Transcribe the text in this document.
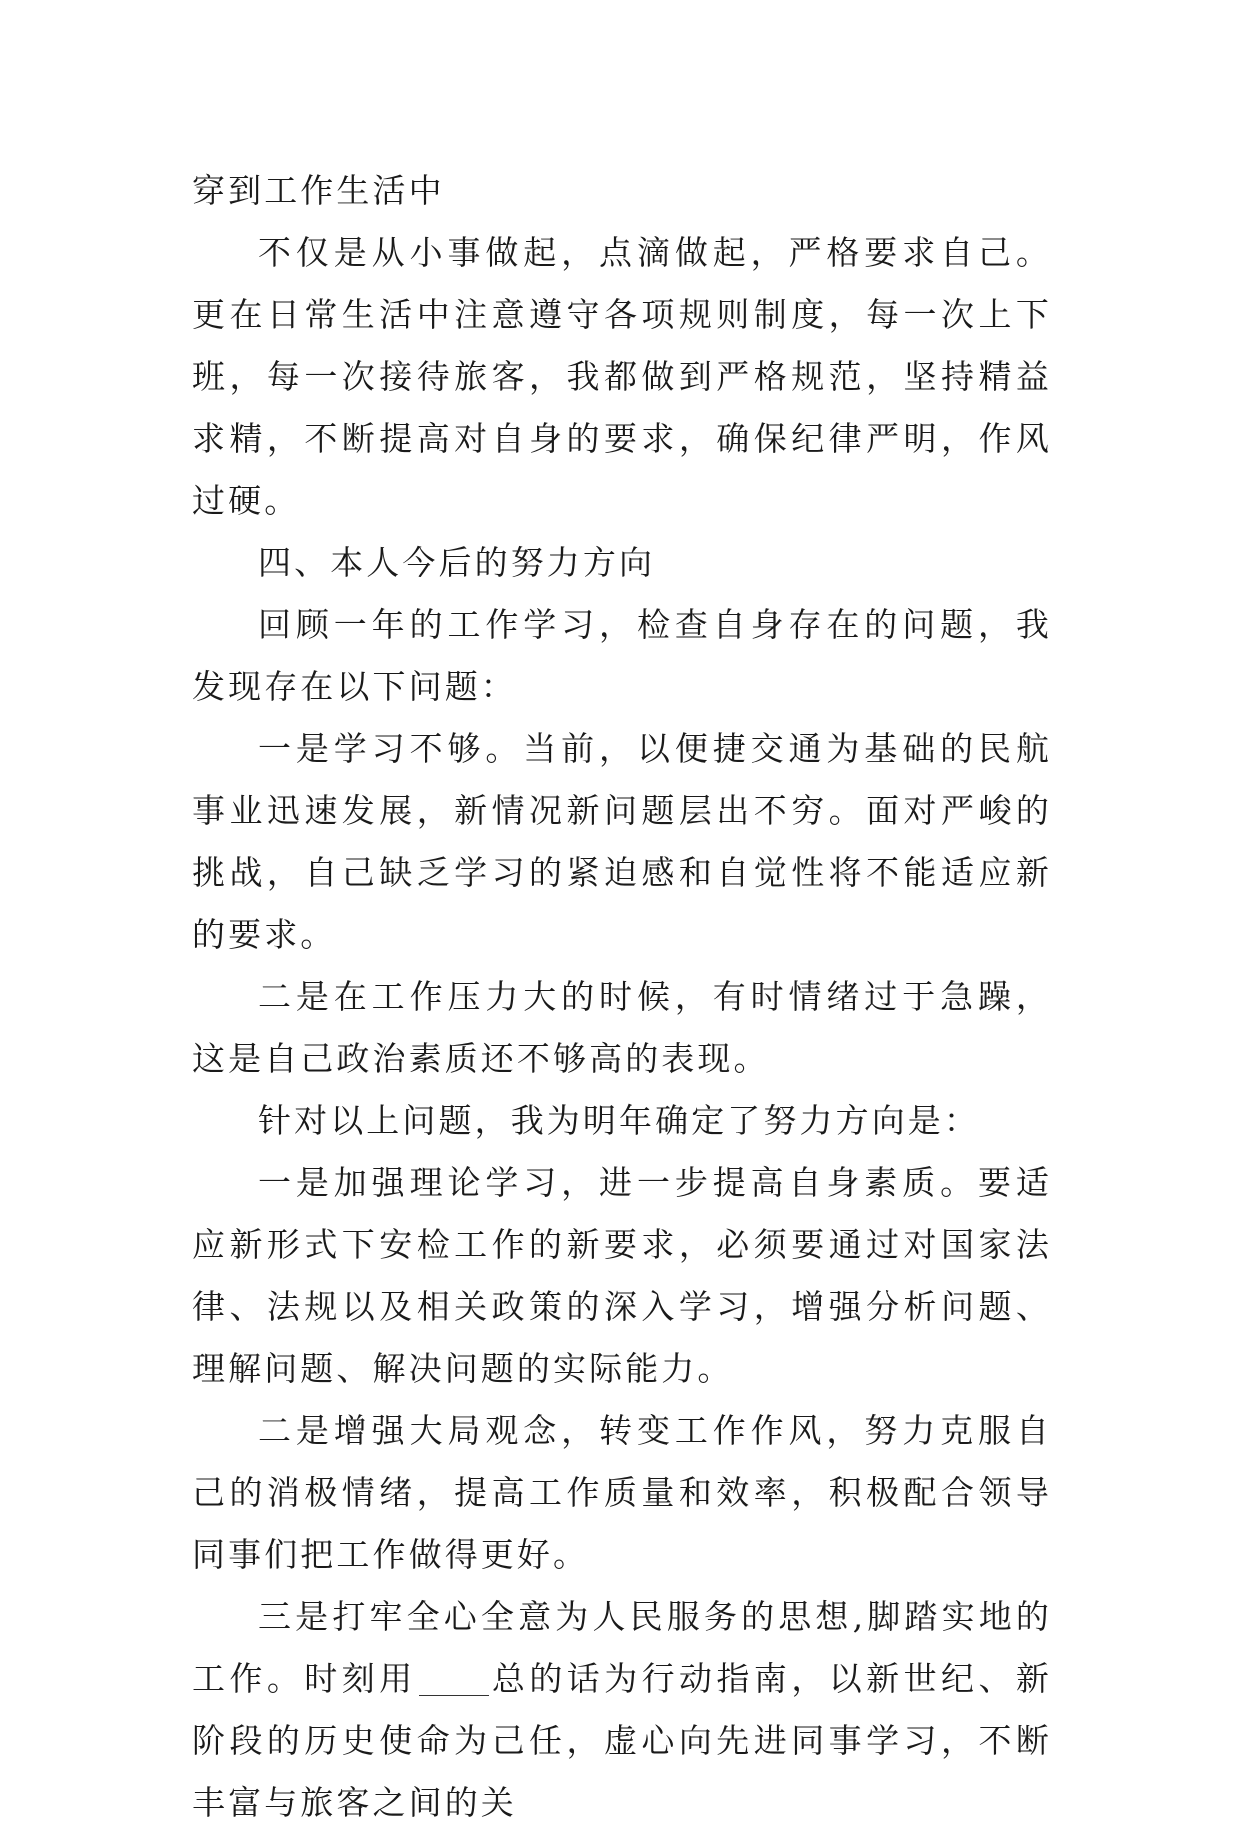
穿到工作生活中

不仅是从小事做起，点滴做起，严格要求自己。更在日常生活中注意遵守各项规则制度，每一次上下班，每一次接待旅客，我都做到严格规范，坚持精益求精，不断提高对自身的要求，确保纪律严明，作风过硬。

四、本人今后的努力方向

回顾一年的工作学习，检查自身存在的问题，我发现存在以下问题：

一是学习不够。当前，以便捷交通为基础的民航事业迅速发展，新情况新问题层出不穷。面对严峻的挑战，自己缺乏学习的紧迫感和自觉性将不能适应新的要求。

二是在工作压力大的时候，有时情绪过于急躁，这是自己政治素质还不够高的表现。

针对以上问题，我为明年确定了努力方向是：

一是加强理论学习，进一步提高自身素质。要适应新形式下安检工作的新要求，必须要通过对国家法律、法规以及相关政策的深入学习，增强分析问题、理解问题、解决问题的实际能力。

二是增强大局观念，转变工作作风，努力克服自己的消极情绪，提高工作质量和效率，积极配合领导同事们把工作做得更好。

三是打牢全心全意为人民服务的思想,脚踏实地的工作。时刻用 总的话为行动指南，以新世纪、新阶段的历史使命为己任，虚心向先进同事学习，不断丰富与旅客之间的关
